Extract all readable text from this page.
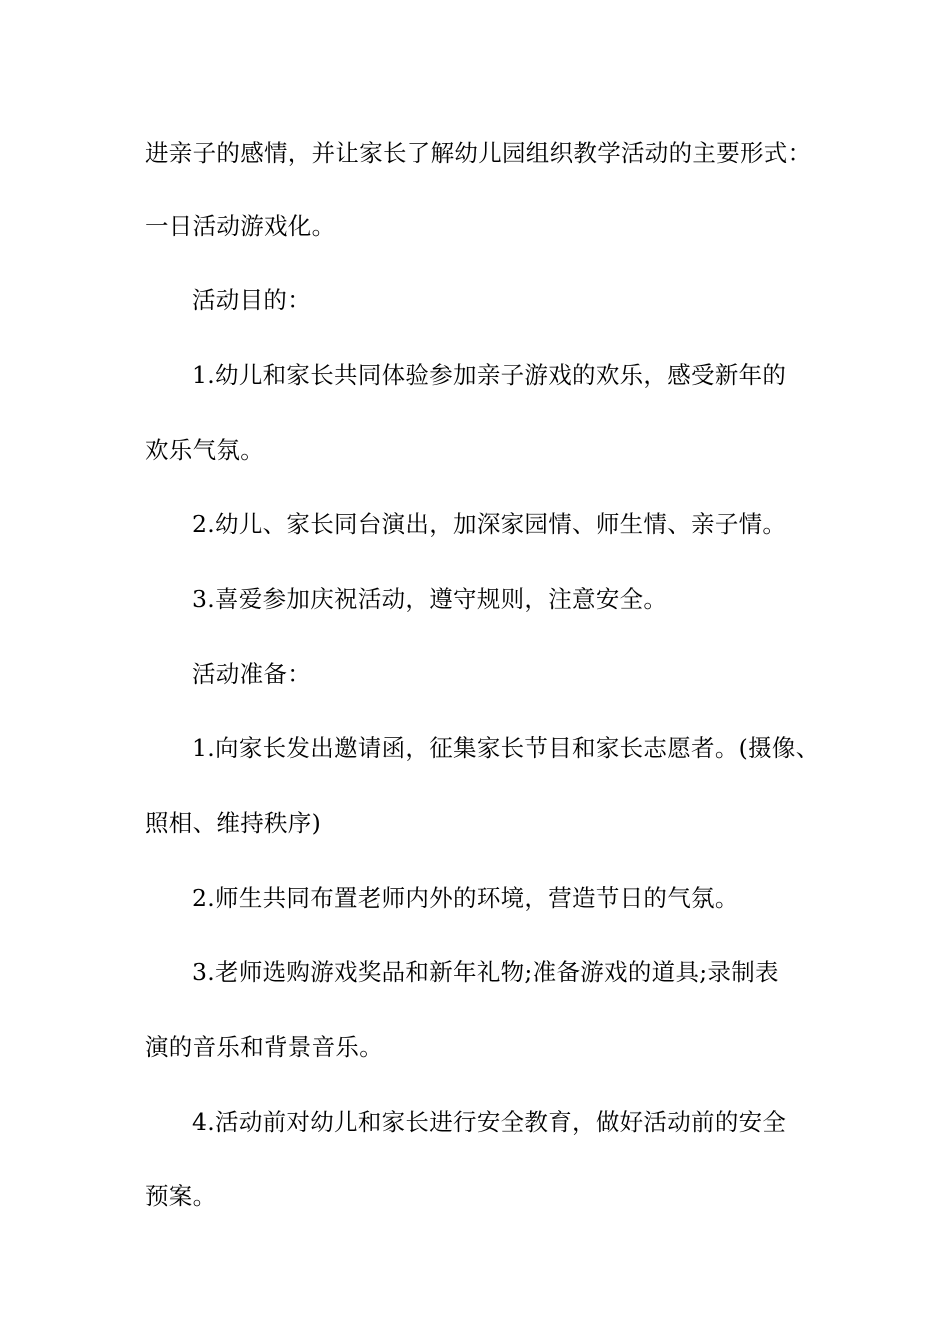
进亲子的感情，并让家长了解幼儿园组织教学活动的主要形式：
一日活动游戏化。
活动目的：
1.幼儿和家长共同体验参加亲子游戏的欢乐，感受新年的
欢乐气氛。
2.幼儿、家长同台演出，加深家园情、师生情、亲子情。
3.喜爱参加庆祝活动，遵守规则，注意安全。
活动准备：
1.向家长发出邀请函，征集家长节目和家长志愿者。(摄像、
照相、维持秩序)
2.师生共同布置老师内外的环境，营造节日的气氛。
3.老师选购游戏奖品和新年礼物;准备游戏的道具;录制表
演的音乐和背景音乐。
4.活动前对幼儿和家长进行安全教育，做好活动前的安全
预案。
